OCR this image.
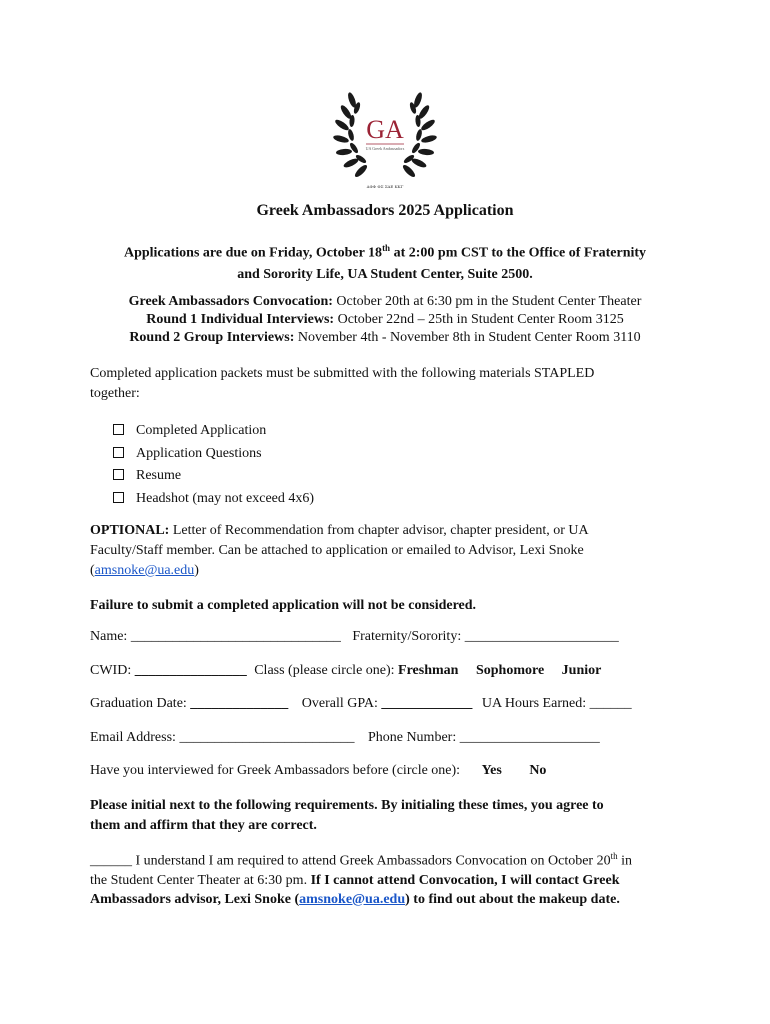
GA
UA Greek Ambassadors
ΑΦΦ ΦΣ ΣΑΕ ΚΚΓ
Greek Ambassadors 2025 Application
Applications are due on Friday, October 18th at 2:00 pm CST to the Office of Fraternity
and Sorority Life, UA Student Center, Suite 2500.
Greek Ambassadors Convocation: October 20th at 6:30 pm in the Student Center Theater
Round 1 Individual Interviews: October 22nd – 25th in Student Center Room 3125
Round 2 Group Interviews: November 4th - November 8th in Student Center Room 3110
Completed application packets must be submitted with the following materials STAPLED
together:
Completed Application
Application Questions
Resume
Headshot (may not exceed 4x6)
OPTIONAL: Letter of Recommendation from chapter advisor, chapter president, or UA
Faculty/Staff member. Can be attached to application or emailed to Advisor, Lexi Snoke
(amsnoke@ua.edu)
Failure to submit a completed application will not be considered.
Name: ______________________________ Fraternity/Sorority: ______________________
CWID: ________________ Class (please circle one): Freshman Sophomore Junior
Graduation Date: ______________ Overall GPA: _____________ UA Hours Earned: ______
Email Address: _________________________ Phone Number: ____________________
Have you interviewed for Greek Ambassadors before (circle one): Yes No
Please initial next to the following requirements. By initialing these times, you agree to
them and affirm that they are correct.
______ I understand I am required to attend Greek Ambassadors Convocation on October 20th in
the Student Center Theater at 6:30 pm. If I cannot attend Convocation, I will contact Greek
Ambassadors advisor, Lexi Snoke (amsnoke@ua.edu) to find out about the makeup date.
